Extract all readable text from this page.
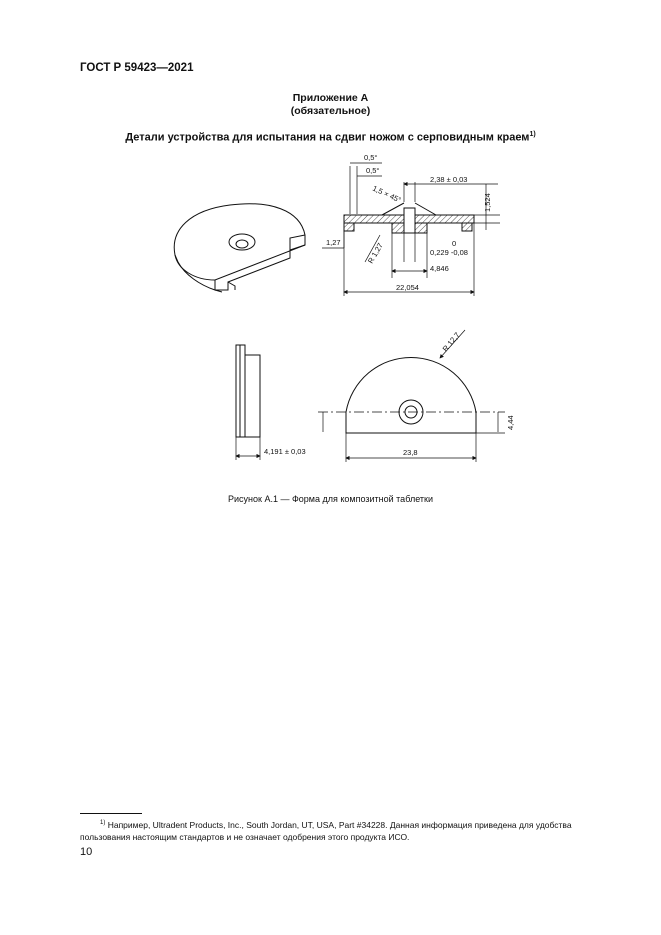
ГОСТ Р 59423—2021
Приложение А
(обязательное)
Детали устройства для испытания на сдвиг ножом с серповидным краем$^{1)}$
0,5°
0,5°
2,38 ± 0,03
1,5 × 45°	1,524
1,27	R 1,27	0
0,229 -0,08
4,846
22,054
4,191 ± 0,03
R 12,7
4,44
23,8
Рисунок А.1 — Форма для композитной таблетки
$^{1)}$ Например, Ultradent Products, Inc., South Jordan, UT, USA, Part #34228. Данная информация приведена для удобства пользования настоящим стандартов и не означает одобрения этого продукта ИСО.
10
